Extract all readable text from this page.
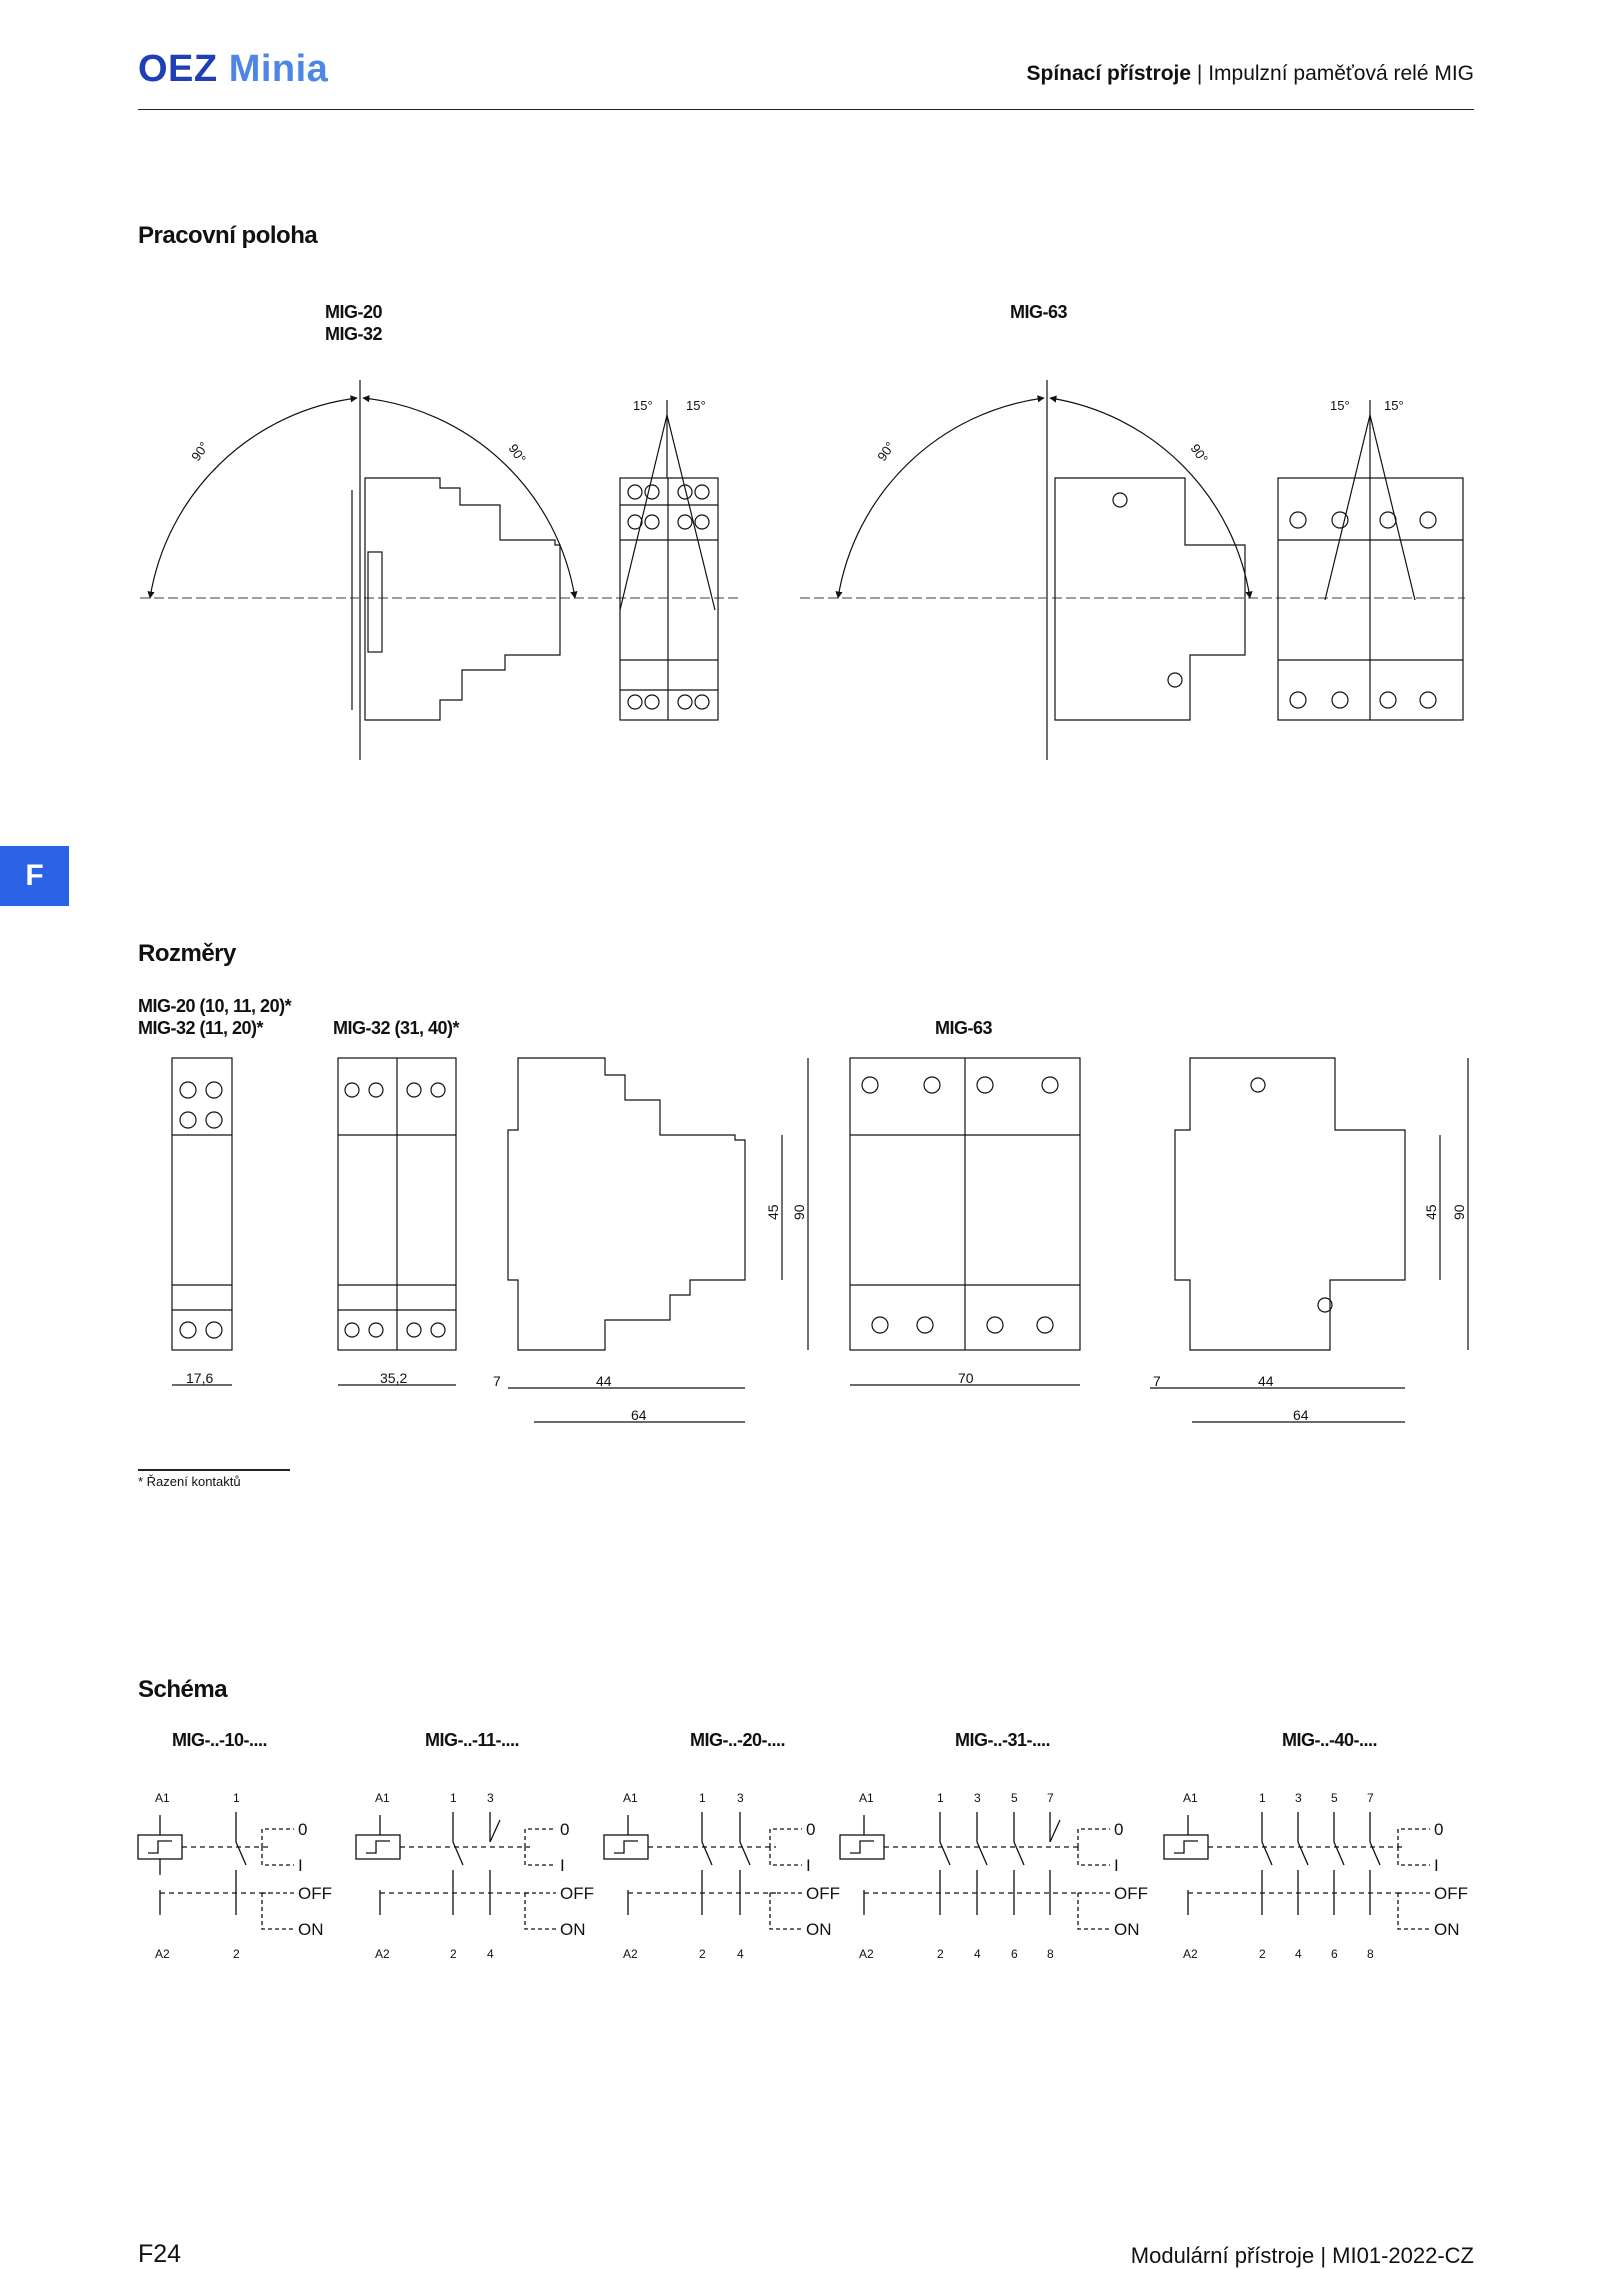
OEZ Minia	Spínací přístroje | Impulzní paměťová relé MIG
F
Pracovní poloha
MIG-20
MIG-32
MIG-63
90°	90°
15°	15°
90°	90°
15°	15°
Rozměry
MIG-20 (10, 11, 20)*
MIG-32 (11, 20)*	MIG-32 (31, 40)*	MIG-63
17,6	35,2	7	44
64
45 90
70	7	44
64
45 90
* Řazení kontaktů
Schéma
MIG-..-10-....	MIG-..-11-....	MIG-..-20-....	MIG-..-31-....	MIG-..-40-....
A1	1
A2	2
A1	1	3
A2	2	4
A1	1	3
A2	2	4
A1	1	3	5 7
A2	2	4	6 8
A1	1 3 5 7
A2	2 4 6 8
0
I
OFF
ON
0
I
OFF
ON
0
I
OFF
ON
0
I
OFF
ON
0
I
OFF
ON
F24	Modulární přístroje | MI01-2022-CZ
